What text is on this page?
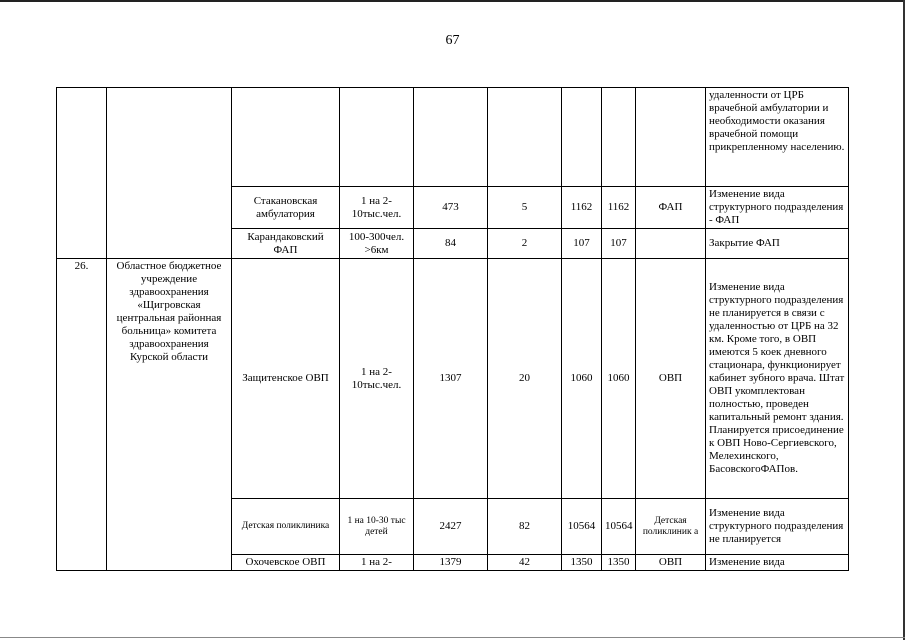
67
									удаленности от ЦРБ врачебной амбулатории и необходимости оказания врачебной помощи прикрепленному населению.
		Стакановская амбулатория	1 на 2-10тыс.чел.	473	5	1162	1162	ФАП	Изменение вида структурного подразделения - ФАП
		Карандаковский ФАП	100-300чел. >6км	84	2	107	107		Закрытие ФАП
26.	Областное бюджетное учреждение здравоохранения «Щигровская центральная районная больница» комитета здравоохранения Курской области	Защитенское ОВП	1 на 2-10тыс.чел.	1307	20	1060	1060	ОВП	Изменение вида структурного подразделения не планируется в связи с удаленностью от ЦРБ на 32 км. Кроме того, в ОВП имеются 5 коек дневного стационара, функционирует кабинет зубного врача. Штат ОВП укомплектован полностью, проведен капитальный ремонт здания. Планируется присоединение к ОВП Ново-Сергиевского, Мелехинского, БасовскогоФАПов.
		Детская поликлиника	1 на 10-30 тыс детей	2427	82	10564	10564	Детская поликлиник а	Изменение вида структурного подразделения не планируется
		Охочевское ОВП	1 на 2-	1379	42	1350	1350	ОВП	Изменение вида
